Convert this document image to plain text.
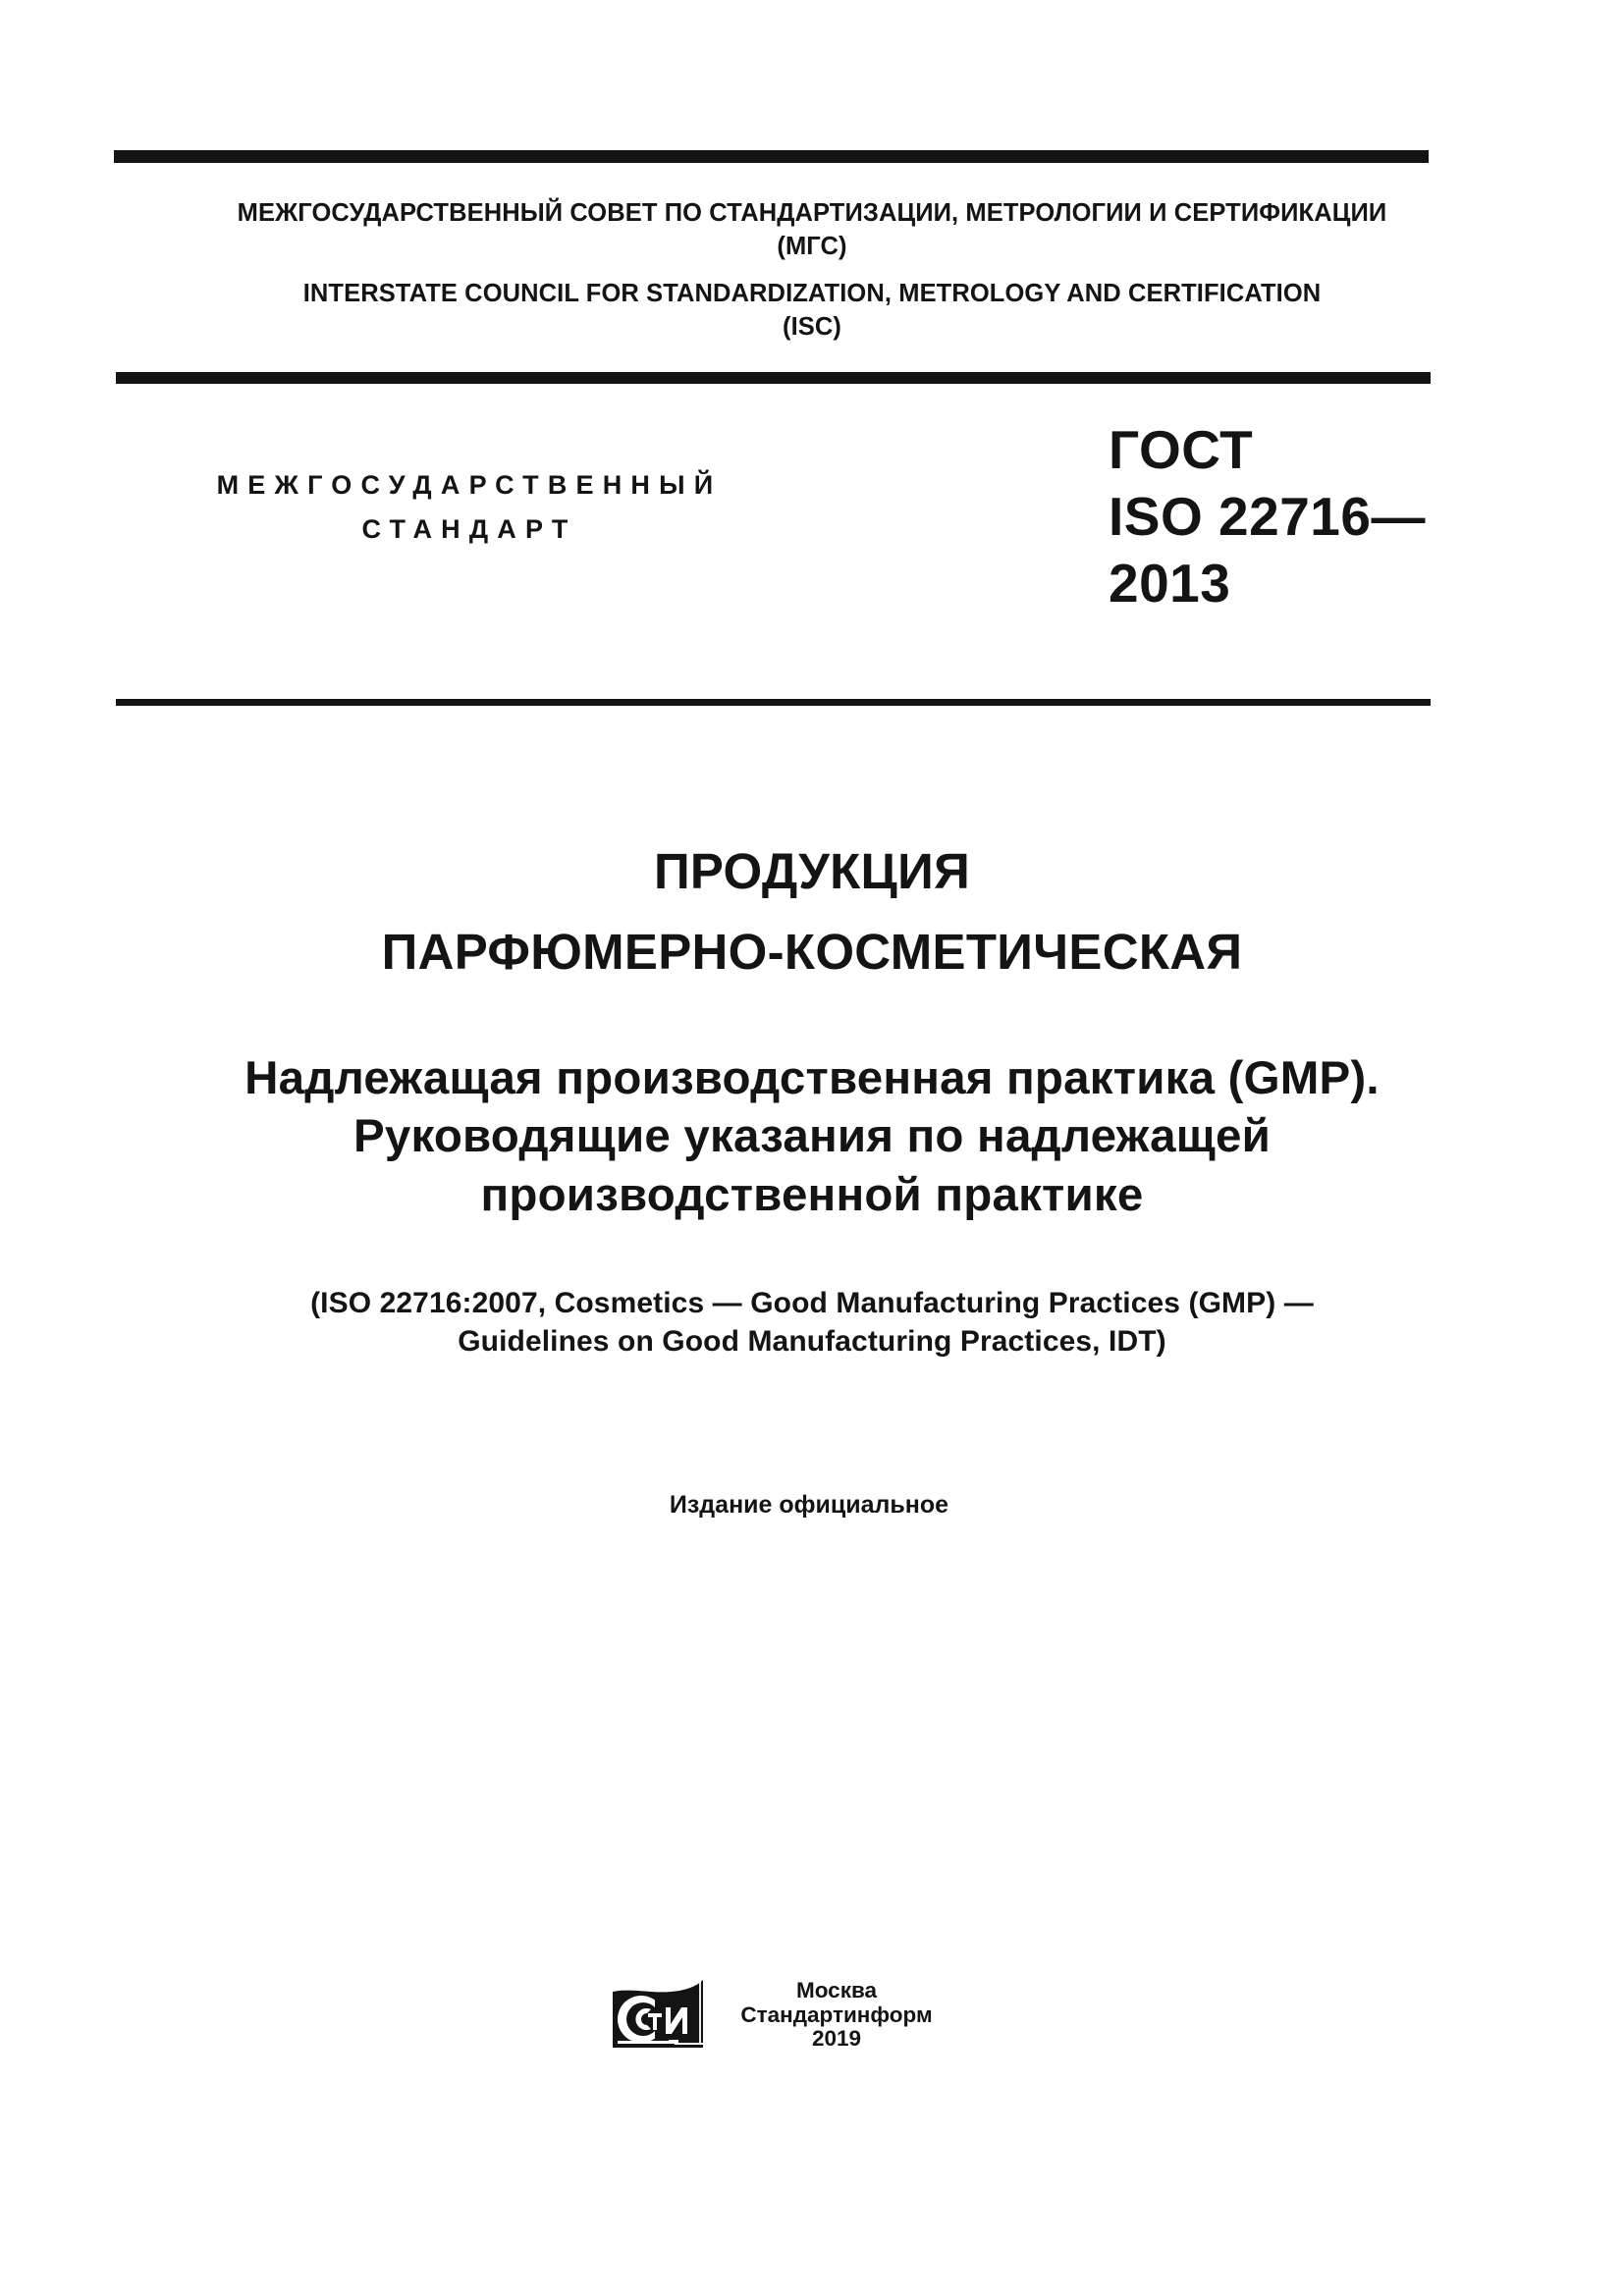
МЕЖГОСУДАРСТВЕННЫЙ СОВЕТ ПО СТАНДАРТИЗАЦИИ, МЕТРОЛОГИИ И СЕРТИФИКАЦИИ
(МГС)
INTERSTATE COUNCIL FOR STANDARDIZATION, METROLOGY AND CERTIFICATION
(ISC)
МЕЖГОСУДАРСТВЕННЫЙ
СТАНДАРТ
ГОСТ
ISO 22716—
2013
ПРОДУКЦИЯ
ПАРФЮМЕРНО-КОСМЕТИЧЕСКАЯ
Надлежащая производственная практика (GMP).
Руководящие указания по надлежащей
производственной практике
(ISO 22716:2007, Cosmetics — Good Manufacturing Practices (GMP) —
Guidelines on Good Manufacturing Practices, IDT)
Издание официальное
Москва
Стандартинформ
2019
